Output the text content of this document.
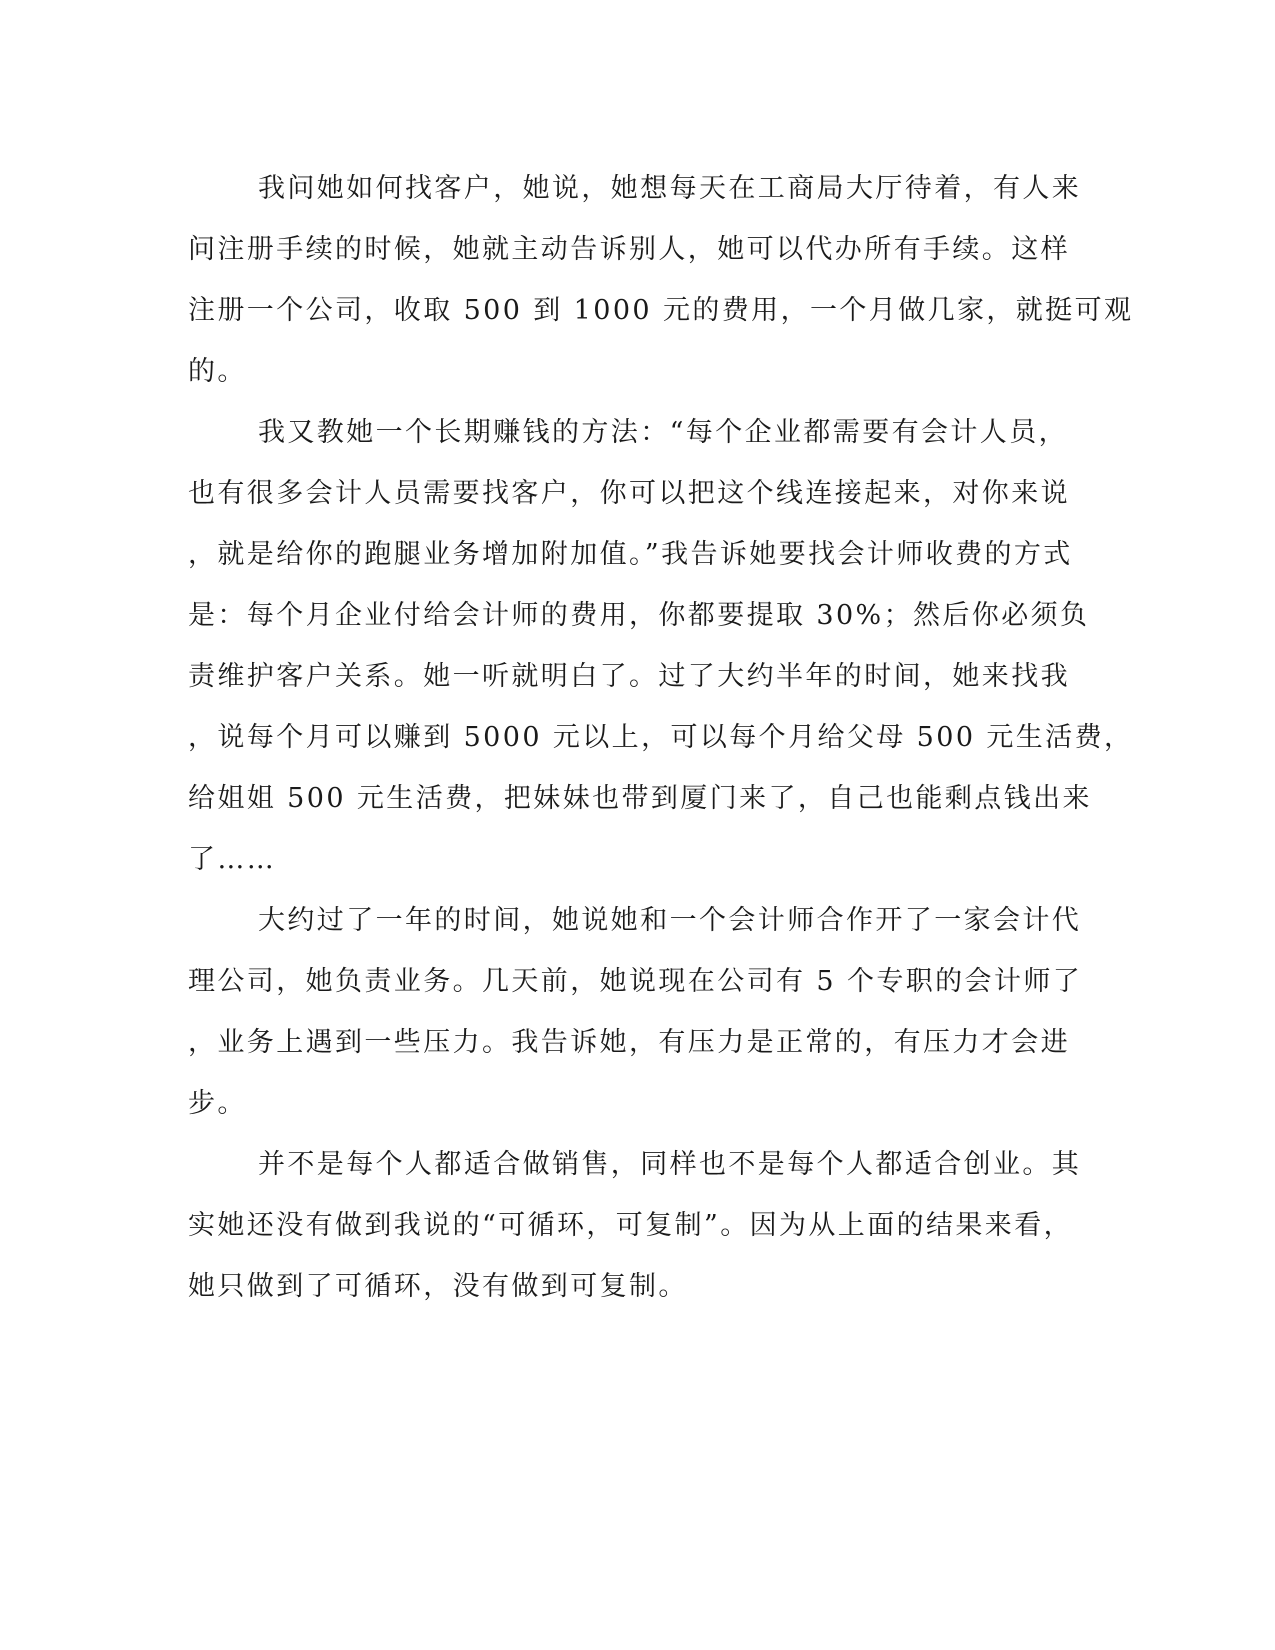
我问她如何找客户，她说，她想每天在工商局大厅待着，有人来
问注册手续的时候，她就主动告诉别人，她可以代办所有手续。这样
注册一个公司，收取 500 到 1000 元的费用，一个月做几家，就挺可观
的。
我又教她一个长期赚钱的方法：“每个企业都需要有会计人员，
也有很多会计人员需要找客户，你可以把这个线连接起来，对你来说
，就是给你的跑腿业务增加附加值。”我告诉她要找会计师收费的方式
是：每个月企业付给会计师的费用，你都要提取 30%；然后你必须负
责维护客户关系。她一听就明白了。过了大约半年的时间，她来找我
，说每个月可以赚到 5000 元以上，可以每个月给父母 500 元生活费，
给姐姐 500 元生活费，把妹妹也带到厦门来了，自己也能剩点钱出来
了……
大约过了一年的时间，她说她和一个会计师合作开了一家会计代
理公司，她负责业务。几天前，她说现在公司有 5 个专职的会计师了
，业务上遇到一些压力。我告诉她，有压力是正常的，有压力才会进
步。
并不是每个人都适合做销售，同样也不是每个人都适合创业。其
实她还没有做到我说的“可循环，可复制”。因为从上面的结果来看，
她只做到了可循环，没有做到可复制。
